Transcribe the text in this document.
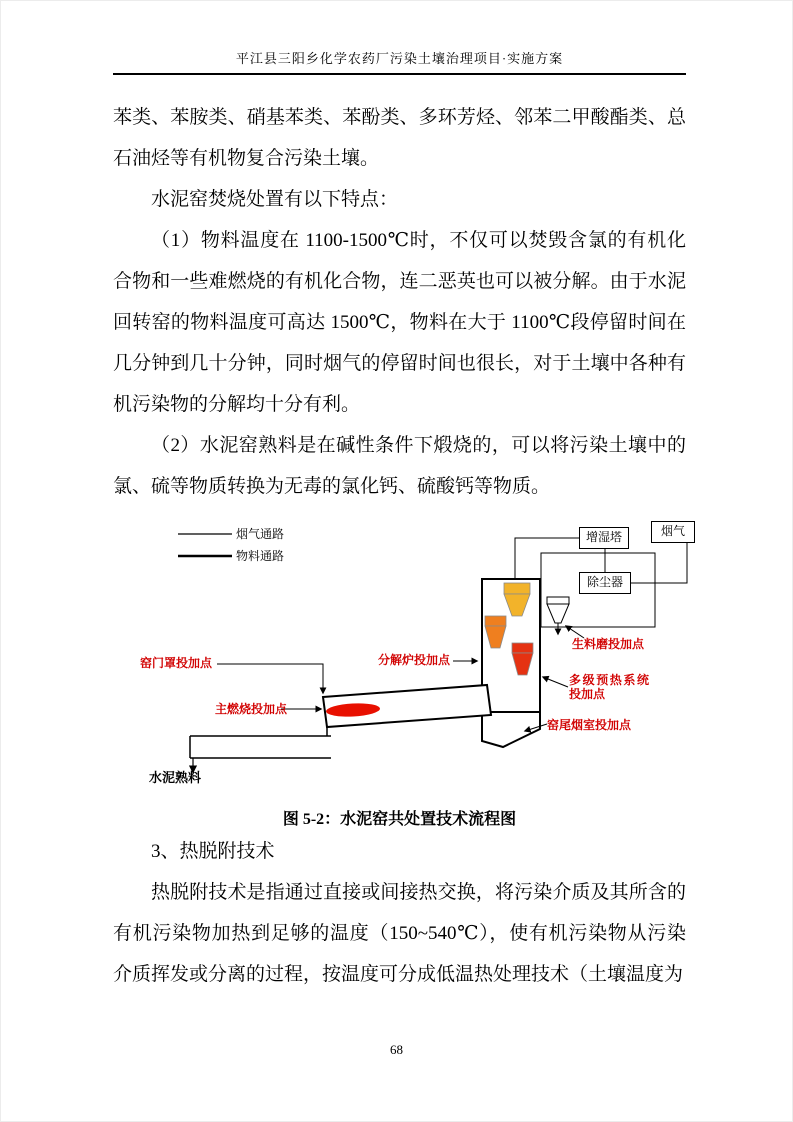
平江县三阳乡化学农药厂污染土壤治理项目·实施方案

苯类、苯胺类、硝基苯类、苯酚类、多环芳烃、邻苯二甲酸酯类、总石油烃等有机物复合污染土壤。

水泥窑焚烧处置有以下特点：

（1）物料温度在 1100-1500℃时，不仅可以焚毁含氯的有机化合物和一些难燃烧的有机化合物，连二恶英也可以被分解。由于水泥回转窑的物料温度可高达 1500℃，物料在大于 1100℃段停留时间在几分钟到几十分钟，同时烟气的停留时间也很长，对于土壤中各种有机污染物的分解均十分有利。

（2）水泥窑熟料是在碱性条件下煅烧的，可以将污染土壤中的氯、硫等物质转换为无毒的氯化钙、硫酸钙等物质。

烟气通路
物料通路
增湿塔	烟气
除尘器
生料磨投加点
窑门罩投加点	分解炉投加点
多级预热系统投加点
主燃烧投加点
窑尾烟室投加点
水泥熟料
图 5-2：水泥窑共处置技术流程图

3、热脱附技术

热脱附技术是指通过直接或间接热交换，将污染介质及其所含的有机污染物加热到足够的温度（150~540℃），使有机污染物从污染介质挥发或分离的过程，按温度可分成低温热处理技术（土壤温度为

68
